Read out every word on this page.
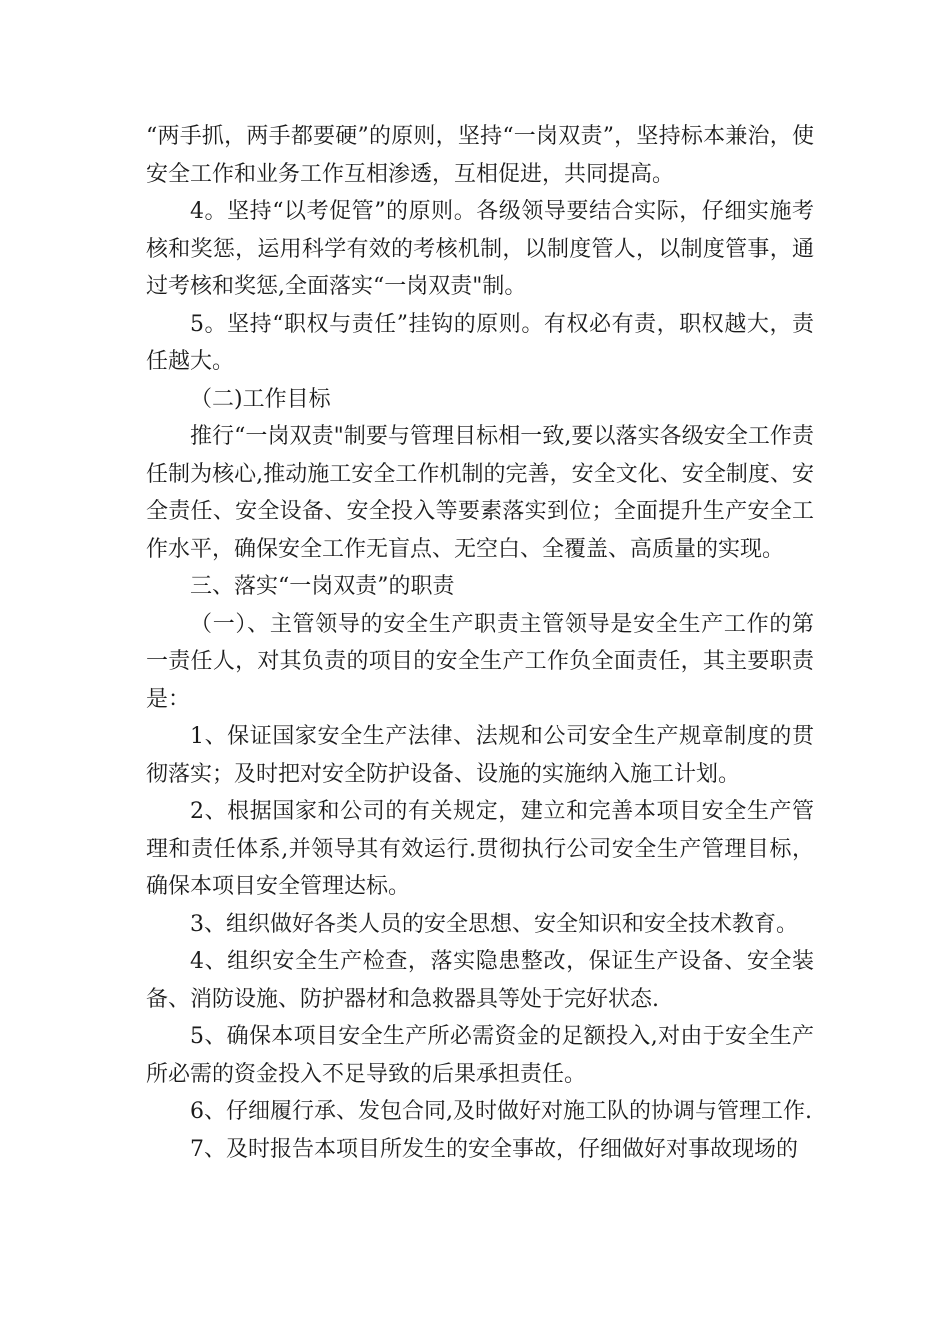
“两手抓，两手都要硬”的原则，坚持“一岗双责”，坚持标本兼治，使安全工作和业务工作互相渗透，互相促进，共同提高。

4。坚持“以考促管”的原则。各级领导要结合实际，仔细实施考核和奖惩，运用科学有效的考核机制，以制度管人，以制度管事，通过考核和奖惩,全面落实“一岗双责"制。

5。坚持“职权与责任”挂钩的原则。有权必有责，职权越大，责任越大。

（二)工作目标

推行“一岗双责"制要与管理目标相一致,要以落实各级安全工作责任制为核心,推动施工安全工作机制的完善，安全文化、安全制度、安全责任、安全设备、安全投入等要素落实到位；全面提升生产安全工作水平，确保安全工作无盲点、无空白、全覆盖、高质量的实现。

三、落实“一岗双责”的职责

（一）、主管领导的安全生产职责主管领导是安全生产工作的第一责任人，对其负责的项目的安全生产工作负全面责任，其主要职责是：

1、保证国家安全生产法律、法规和公司安全生产规章制度的贯彻落实；及时把对安全防护设备、设施的实施纳入施工计划。

2、根据国家和公司的有关规定，建立和完善本项目安全生产管理和责任体系,并领导其有效运行.贯彻执行公司安全生产管理目标，确保本项目安全管理达标。

3、组织做好各类人员的安全思想、安全知识和安全技术教育。

4、组织安全生产检查，落实隐患整改，保证生产设备、安全装备、消防设施、防护器材和急救器具等处于完好状态.

5、确保本项目安全生产所必需资金的足额投入,对由于安全生产所必需的资金投入不足导致的后果承担责任。

6、仔细履行承、发包合同,及时做好对施工队的协调与管理工作.

7、及时报告本项目所发生的安全事故，仔细做好对事故现场的
